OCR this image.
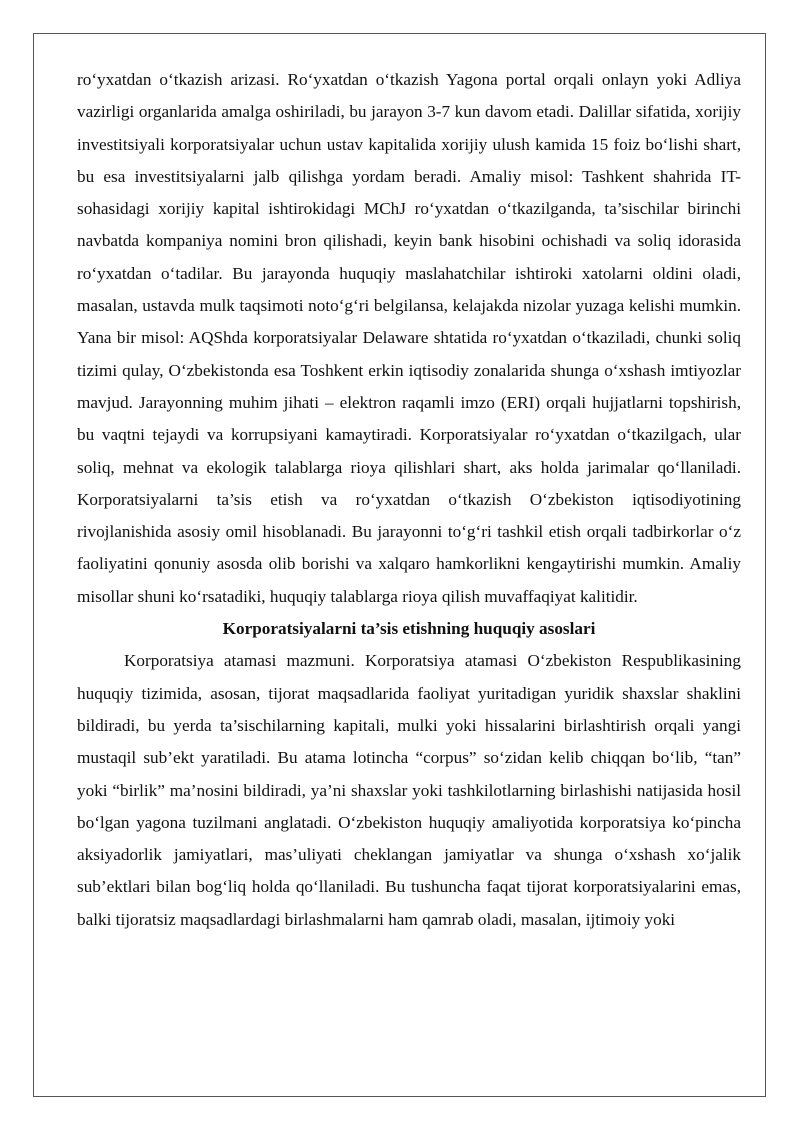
ro‘yxatdan o‘tkazish arizasi. Ro‘yxatdan o‘tkazish Yagona portal orqali onlayn yoki Adliya vazirligi organlarida amalga oshiriladi, bu jarayon 3-7 kun davom etadi. Dalillar sifatida, xorijiy investitsiyali korporatsiyalar uchun ustav kapitalida xorijiy ulush kamida 15 foiz bo‘lishi shart, bu esa investitsiyalarni jalb qilishga yordam beradi. Amaliy misol: Tashkent shahrida IT-sohasidagi xorijiy kapital ishtirokidagi MChJ ro‘yxatdan o‘tkazilganda, ta’sischilar birinchi navbatda kompaniya nomini bron qilishadi, keyin bank hisobini ochishadi va soliq idorasida ro‘yxatdan o‘tadilar. Bu jarayonda huquqiy maslahatchilar ishtiroki xatolarni oldini oladi, masalan, ustavda mulk taqsimoti noto‘g‘ri belgilansa, kelajakda nizolar yuzaga kelishi mumkin. Yana bir misol: AQShda korporatsiyalar Delaware shtatida ro‘yxatdan o‘tkaziladi, chunki soliq tizimi qulay, O‘zbekistonda esa Toshkent erkin iqtisodiy zonalarida shunga o‘xshash imtiyozlar mavjud. Jarayonning muhim jihati – elektron raqamli imzo (ERI) orqali hujjatlarni topshirish, bu vaqtni tejaydi va korrupsiyani kamaytiradi. Korporatsiyalar ro‘yxatdan o‘tkazilgach, ular soliq, mehnat va ekologik talablarga rioya qilishlari shart, aks holda jarimalar qo‘llaniladi. Korporatsiyalarni ta’sis etish va ro‘yxatdan o‘tkazish O‘zbekiston iqtisodiyotining rivojlanishida asosiy omil hisoblanadi. Bu jarayonni to‘g‘ri tashkil etish orqali tadbirkorlar o‘z faoliyatini qonuniy asosda olib borishi va xalqaro hamkorlikni kengaytirishi mumkin. Amaliy misollar shuni ko‘rsatadiki, huquqiy talablarga rioya qilish muvaffaqiyat kalitidir.

Korporatsiyalarni ta’sis etishning huquqiy asoslari

Korporatsiya atamasi mazmuni. Korporatsiya atamasi O‘zbekiston Respublikasining huquqiy tizimida, asosan, tijorat maqsadlarida faoliyat yuritadigan yuridik shaxslar shaklini bildiradi, bu yerda ta’sischilarning kapitali, mulki yoki hissalarini birlashtirish orqali yangi mustaqil sub’ekt yaratiladi. Bu atama lotincha “corpus” so‘zidan kelib chiqqan bo‘lib, “tan” yoki “birlik” ma’nosini bildiradi, ya’ni shaxslar yoki tashkilotlarning birlashishi natijasida hosil bo‘lgan yagona tuzilmani anglatadi. O‘zbekiston huquqiy amaliyotida korporatsiya ko‘pincha aksiyadorlik jamiyatlari, mas’uliyati cheklangan jamiyatlar va shunga o‘xshash xo‘jalik sub’ektlari bilan bog‘liq holda qo‘llaniladi. Bu tushuncha faqat tijorat korporatsiyalarini emas, balki tijoratsiz maqsadlardagi birlashmalarni ham qamrab oladi, masalan, ijtimoiy yoki
